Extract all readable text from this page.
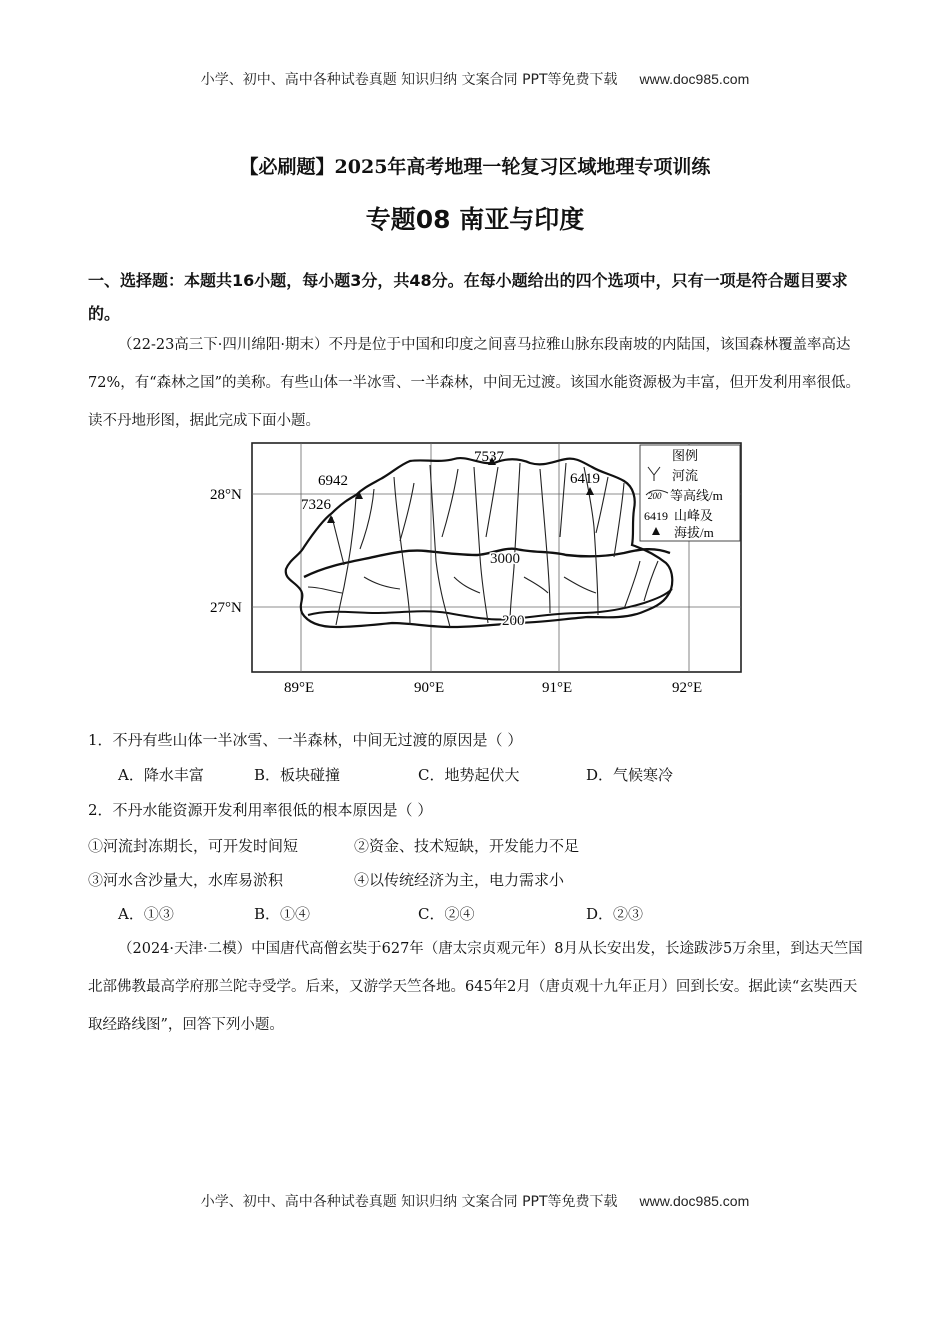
小学、初中、高中各种试卷真题 知识归纳 文案合同 PPT等免费下载 www.doc985.com
【必刷题】2025年高考地理一轮复习区域地理专项训练
专题08 南亚与印度
一、选择题：本题共16小题，每小题3分，共48分。在每小题给出的四个选项中，只有一项是符合题目要求的。
（22-23高三下·四川绵阳·期末）不丹是位于中国和印度之间喜马拉雅山脉东段南坡的内陆国，该国森林覆盖率高达72%，有“森林之国”的美称。有些山体一半冰雪、一半森林，中间无过渡。该国水能资源极为丰富，但开发利用率很低。读不丹地形图，据此完成下面小题。
7537
6942
7326
6419
3000
200
28°N
27°N
89°E	90°E	91°E	92°E
图例
河流
200 等高线/m
6419 山峰及
海拔/m
1．不丹有些山体一半冰雪、一半森林，中间无过渡的原因是（ ）
A．降水丰富	B．板块碰撞	C．地势起伏大	D．气候寒冷
2．不丹水能资源开发利用率很低的根本原因是（ ）
①河流封冻期长，可开发时间短	②资金、技术短缺，开发能力不足
③河水含沙量大，水库易淤积	④以传统经济为主，电力需求小
A．①③	B．①④	C．②④	D．②③
（2024·天津·二模）中国唐代高僧玄奘于627年（唐太宗贞观元年）8月从长安出发，长途跋涉5万余里，到达天竺国北部佛教最高学府那兰陀寺受学。后来，又游学天竺各地。645年2月（唐贞观十九年正月）回到长安。据此读“玄奘西天取经路线图”，回答下列小题。
小学、初中、高中各种试卷真题 知识归纳 文案合同 PPT等免费下载 www.doc985.com
